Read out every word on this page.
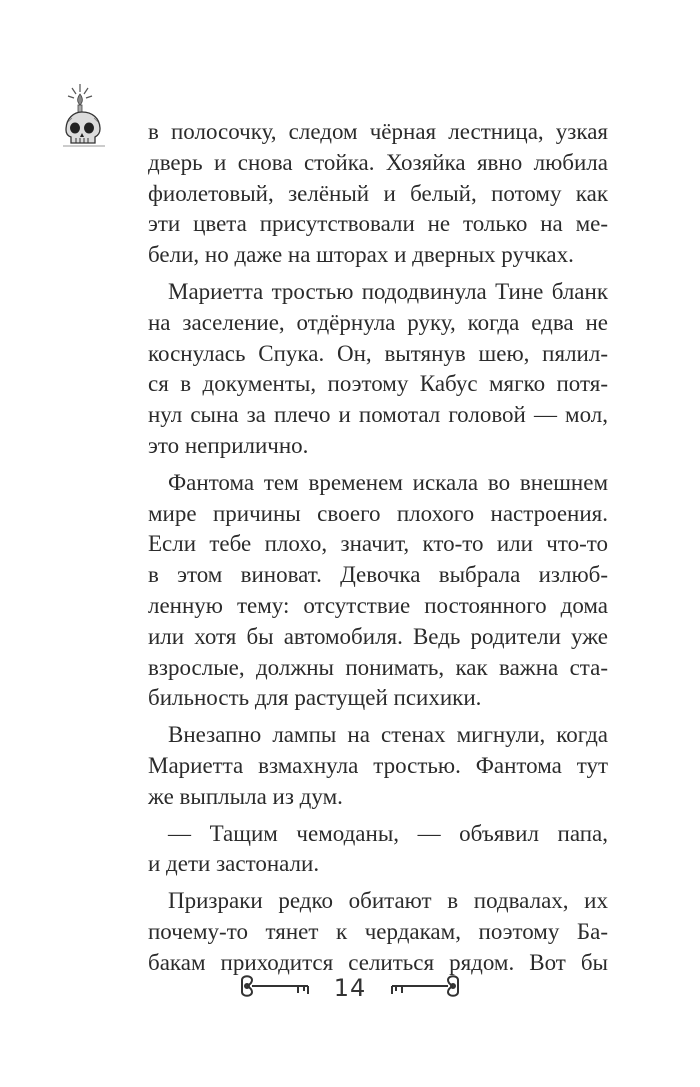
в полосочку, следом чёрная лестница, узкая
дверь и снова стойка. Хозяйка явно любила
фиолетовый, зелёный и белый, потому как
эти цвета присутствовали не только на ме-
бели, но даже на шторах и дверных ручках.
Мариетта тростью пододвинула Тине бланк
на заселение, отдёрнула руку, когда едва не
коснулась Спука. Он, вытянув шею, пялил-
ся в документы, поэтому Кабус мягко потя-
нул сына за плечо и помотал головой — мол,
это неприлично.
Фантома тем временем искала во внешнем
мире причины своего плохого настроения.
Если тебе плохо, значит, кто-то или что-то
в этом виноват. Девочка выбрала излюб-
ленную тему: отсутствие постоянного дома
или хотя бы автомобиля. Ведь родители уже
взрослые, должны понимать, как важна ста-
бильность для растущей психики.
Внезапно лампы на стенах мигнули, когда
Мариетта взмахнула тростью. Фантома тут
же выплыла из дум.
— Тащим чемоданы, — объявил папа,
и дети застонали.
Призраки редко обитают в подвалах, их
почему-то тянет к чердакам, поэтому Ба-
бакам приходится селиться рядом. Вот бы
14
